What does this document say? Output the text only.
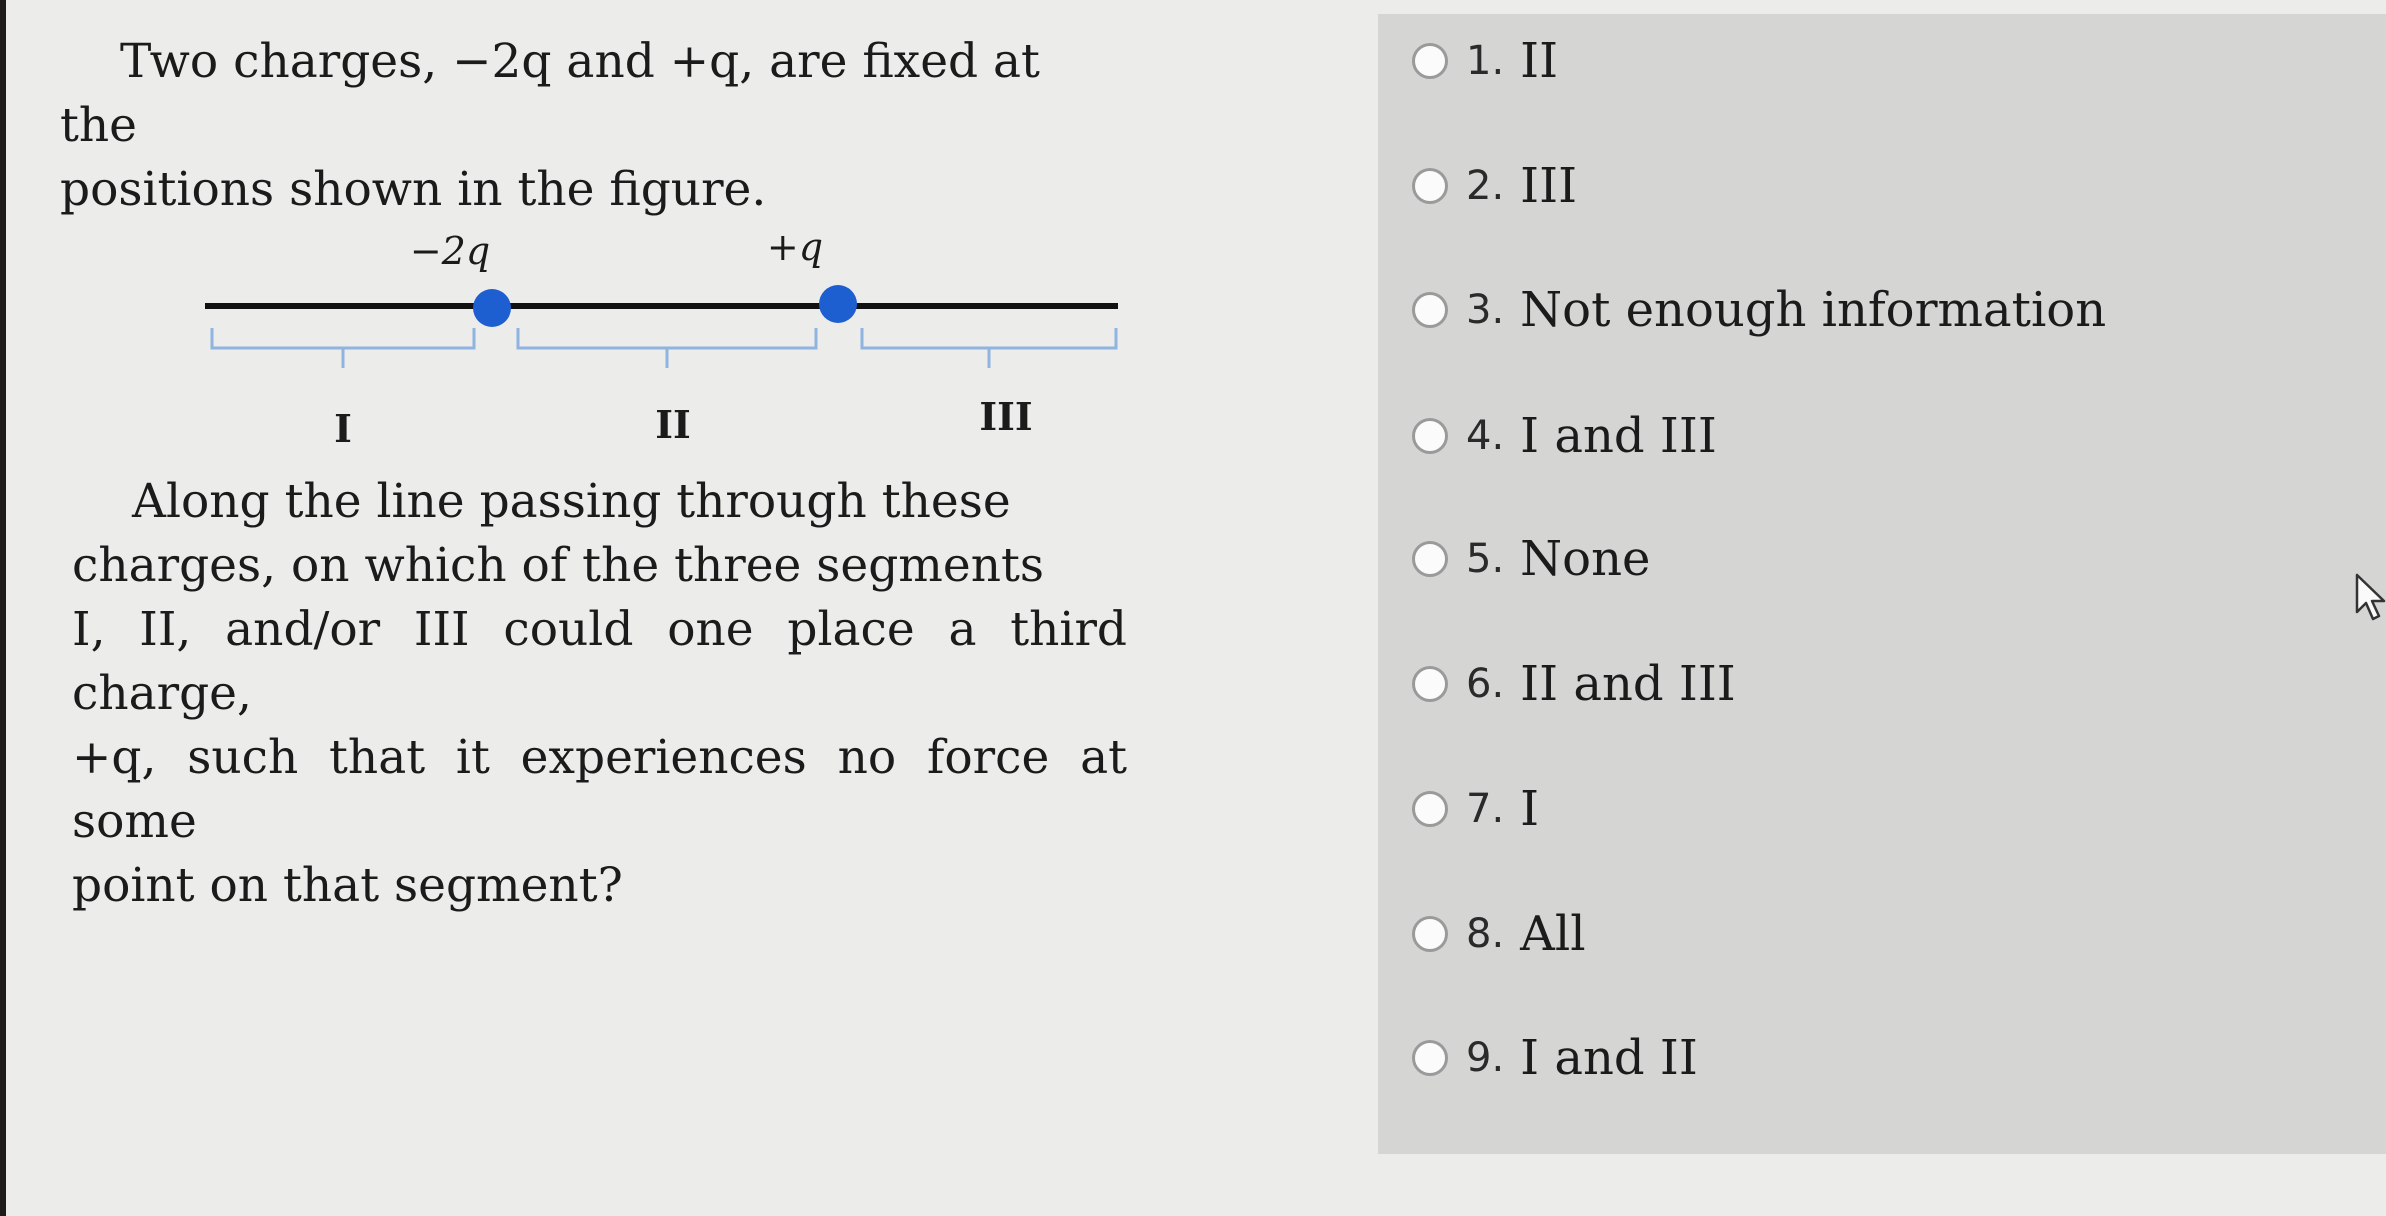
Two charges, −2q and +q, are fixed at the
positions shown in the figure.

−2q	+q
I	II	III

Along the line passing through these
charges, on which of the three segments
I, II, and/or III could one place a third charge,
+q, such that it experiences no force at some
point on that segment?

1. II
2. III
3. Not enough information
4. I and III
5. None
6. II and III
7. I
8. All
9. I and II
